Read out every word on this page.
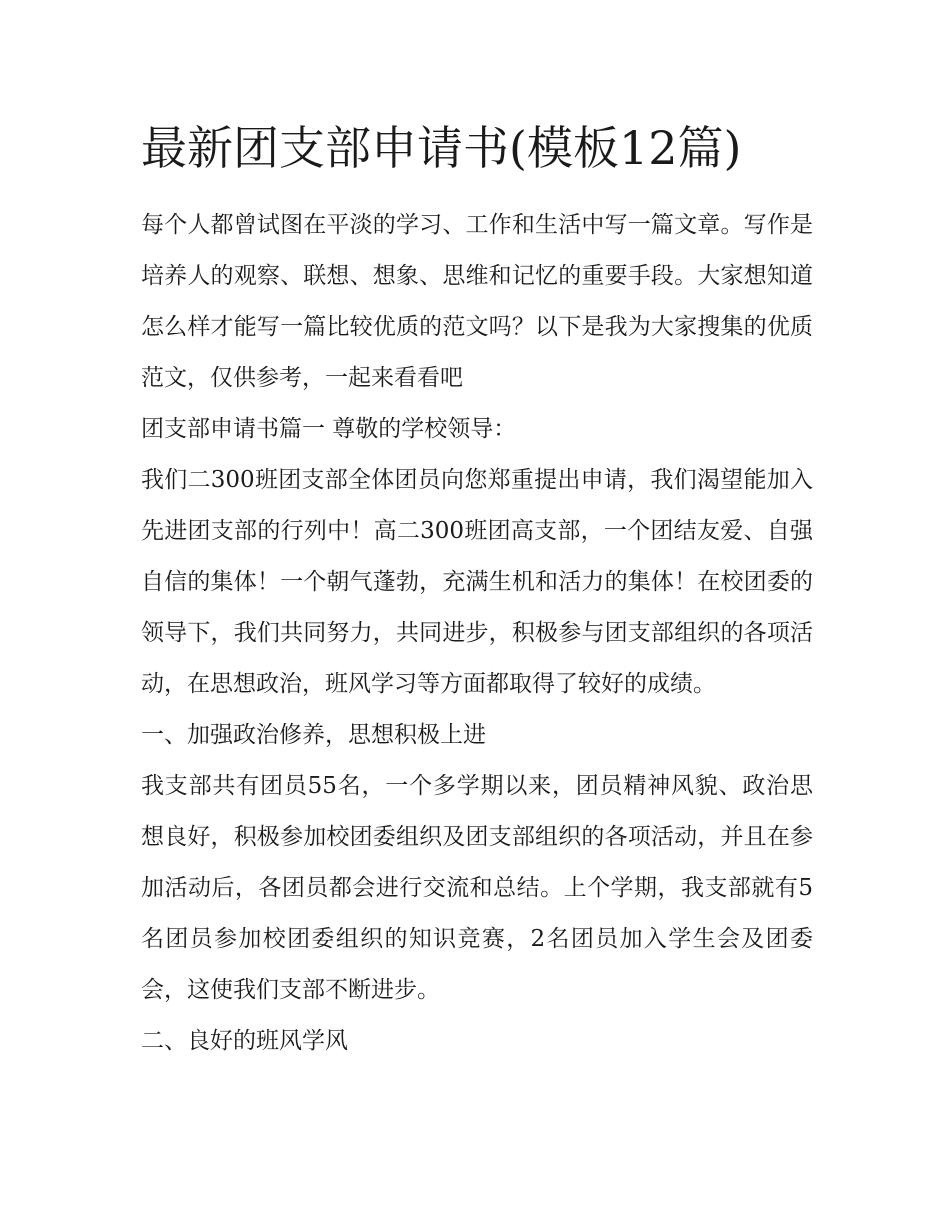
最新团支部申请书(模板12篇)

每个人都曾试图在平淡的学习、工作和生活中写一篇文章。写作是培养人的观察、联想、想象、思维和记忆的重要手段。大家想知道怎么样才能写一篇比较优质的范文吗？以下是我为大家搜集的优质范文，仅供参考，一起来看看吧

团支部申请书篇一 尊敬的学校领导：

我们二300班团支部全体团员向您郑重提出申请，我们渴望能加入先进团支部的行列中！高二300班团高支部，一个团结友爱、自强自信的集体！一个朝气蓬勃，充满生机和活力的集体！在校团委的领导下，我们共同努力，共同进步，积极参与团支部组织的各项活动，在思想政治，班风学习等方面都取得了较好的成绩。

一、加强政治修养，思想积极上进

我支部共有团员55名，一个多学期以来，团员精神风貌、政治思想良好，积极参加校团委组织及团支部组织的各项活动，并且在参加活动后，各团员都会进行交流和总结。上个学期，我支部就有5名团员参加校团委组织的知识竞赛，2名团员加入学生会及团委会，这使我们支部不断进步。

二、良好的班风学风
